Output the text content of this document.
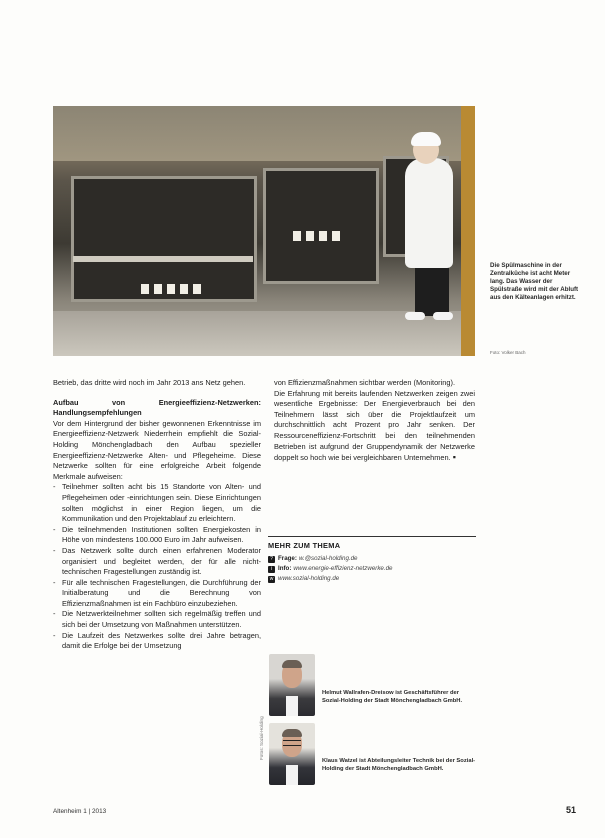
Die Spülmaschine in der Zentralküche ist acht Meter lang. Das Wasser der Spülstraße wird mit der Abluft aus den Kälteanlagen erhitzt.
Foto: Volker Bach

Betrieb, das dritte wird noch im Jahr 2013 ans Netz gehen.

Aufbau von Energieeffizienz-Netzwerken: Handlungsempfehlungen

Vor dem Hintergrund der bisher gewonnenen Erkenntnisse im Energieeffizienz-Netzwerk Niederrhein empfiehlt die Sozial-Holding Mönchengladbach den Aufbau spezieller Energieeffizienz-Netzwerke Alten- und Pflegeheime. Diese Netzwerke sollten für eine erfolgreiche Arbeit folgende Merkmale aufweisen:

- Teilnehmer sollten acht bis 15 Standorte von Alten- und Pflegeheimen oder -einrichtungen sein. Diese Einrichtungen sollten möglichst in einer Region liegen, um die Kommunikation und den Projektablauf zu erleichtern.
- Die teilnehmenden Institutionen sollten Energiekosten in Höhe von mindestens 100.000 Euro im Jahr aufweisen.
- Das Netzwerk sollte durch einen erfahrenen Moderator organisiert und begleitet werden, der für alle nicht-technischen Fragestellungen zuständig ist.
- Für alle technischen Fragestellungen, die Durchführung der Initialberatung und die Berechnung von Effizienzmaßnahmen ist ein Fachbüro einzubeziehen.
- Die Netzwerkteilnehmer sollten sich regelmäßig treffen und sich bei der Umsetzung von Maßnahmen unterstützen.
- Die Laufzeit des Netzwerkes sollte drei Jahre betragen, damit die Erfolge bei der Umsetzung

von Effizienzmaßnahmen sichtbar werden (Monitoring).

Die Erfahrung mit bereits laufenden Netzwerken zeigen zwei wesentliche Ergebnisse: Der Energieverbrauch bei den Teilnehmern lässt sich über die Projektlaufzeit um durchschnittlich acht Prozent pro Jahr senken. Der Ressourceneffizienz-Fortschritt bei den teilnehmenden Betrieben ist aufgrund der Gruppendynamik der Netzwerke doppelt so hoch wie bei vergleichbaren Unternehmen. ▪

MEHR ZUM THEMA
? Frage: w.@sozial-holding.de
i Info: www.energie-effizienz-netzwerke.de
w www.sozial-holding.de
Helmut Wallrafen-Dreisow ist Geschäftsführer der Sozial-Holding der Stadt Mönchengladbach GmbH.
Klaus Watzel ist Abteilungsleiter Technik bei der Sozial-Holding der Stadt Mönchengladbach GmbH.
Fotos: Sozial-Holding
Altenheim 1 | 2013	51
